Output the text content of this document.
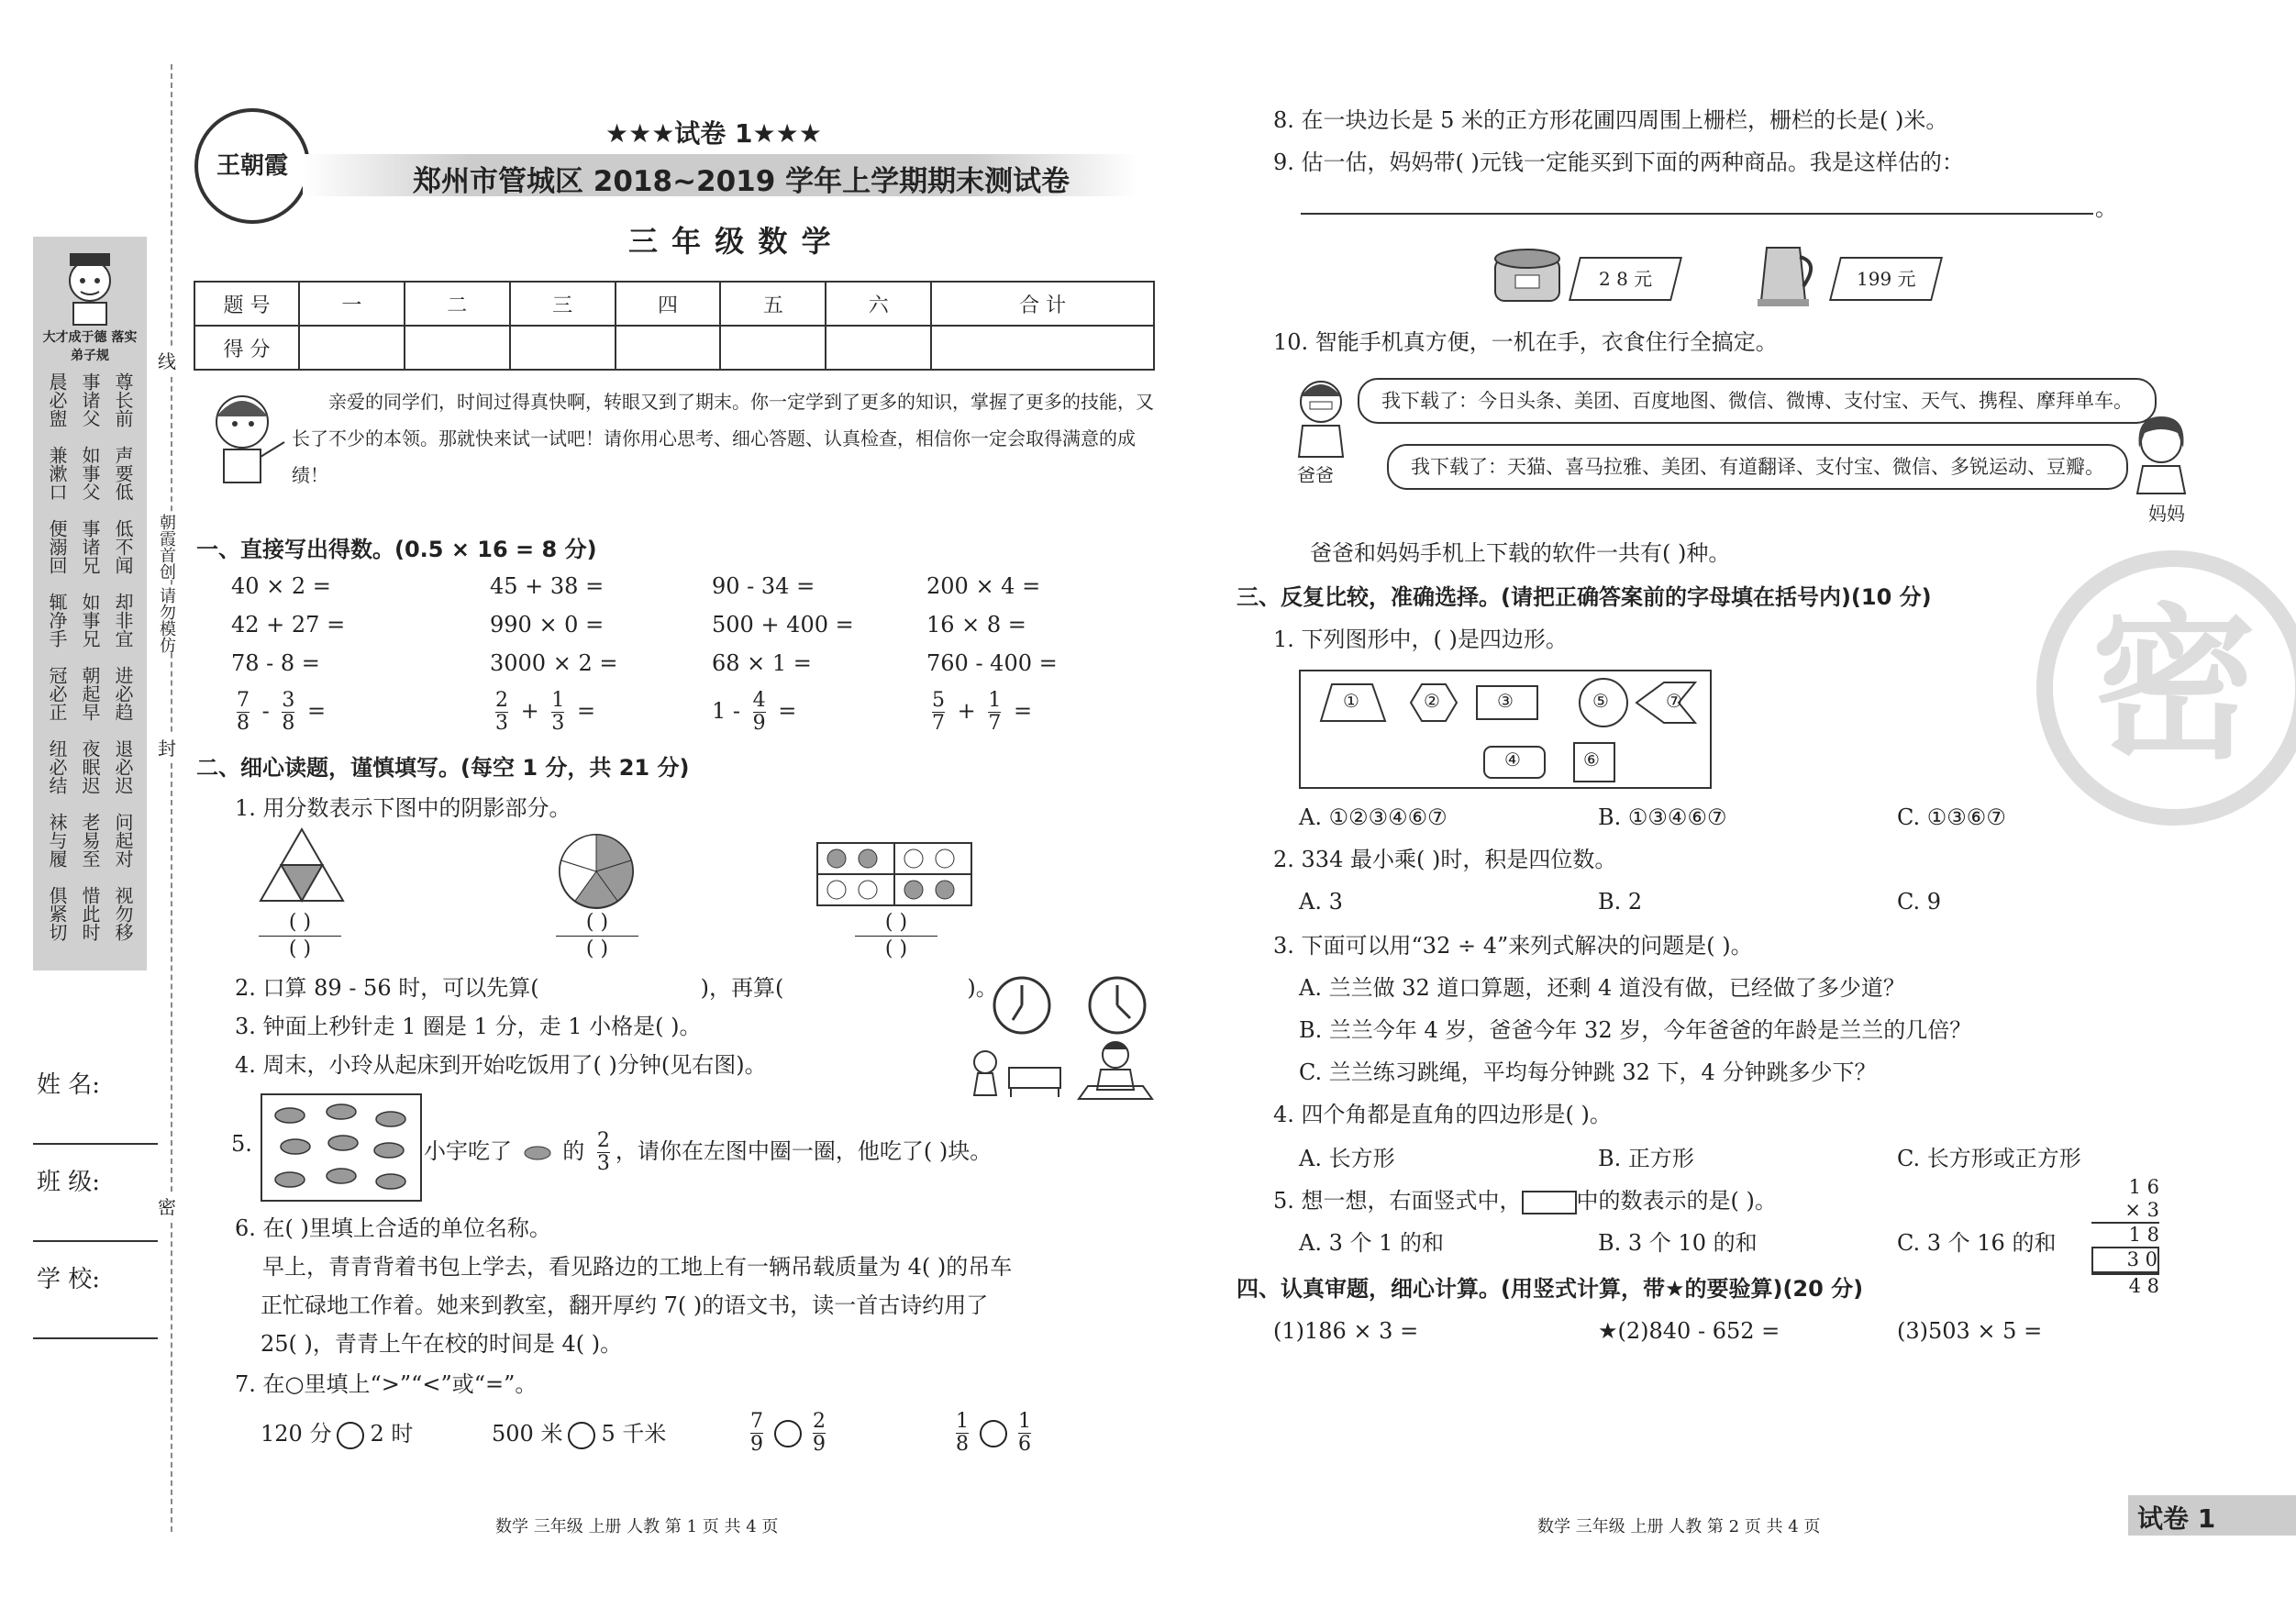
线
封
密
朝霞首创
请勿模仿
大才成于德 落实弟子规
晨必盥 事诸父 尊长前
兼漱口 如事父 声要低
便溺回 事诸兄 低不闻
辄净手 如事兄 却非宜
冠必正 朝起早 进必趋
纽必结 夜眠迟 退必迟
袜与履 老易至 问起对
俱紧切 惜此时 视勿移
姓 名:
班 级:
学 校:
王朝霞
★★★试卷 1★★★
郑州市管城区 2018~2019 学年上学期期末测试卷
三 年 级 数 学
题 号	一	二	三	四	五	六	合 计
得 分							
亲爱的同学们，时间过得真快啊，转眼又到了期末。你一定学到了更多的知识，掌握了更多的技能，又长了不少的本领。那就快来试一试吧！请你用心思考、细心答题、认真检查，相信你一定会取得满意的成绩！
一、直接写出得数。(0.5 × 16 = 8 分)
40 × 2 =	45 + 38 =	90 - 34 =	200 × 4 =
42 + 27 =	990 × 0 =	500 + 400 =	16 × 8 =
78 - 8 =	3000 × 2 =	68 × 1 =	760 - 400 =
$\frac{7}{8} - \frac{3}{8}$ =	$\frac{2}{3} + \frac{1}{3}$ =	$1 - \frac{4}{9}$ =	$\frac{5}{7} + \frac{1}{7}$ =
二、细心读题，谨慎填写。(每空 1 分，共 21 分)
1. 用分数表示下图中的阴影部分。
( )
( )
( )
( )
( )
( )
2. 口算 89 - 56 时，可以先算(	)，再算(	)。
3. 钟面上秒针走 1 圈是 1 分，走 1 小格是( )。
4. 周末，小玲从起床到开始吃饭用了( )分钟(见右图)。
5.	小宇吃了 的 $\frac{2}{3}$ ，请你在左图中圈一圈，他吃了( )块。
6. 在( )里填上合适的单位名称。
早上，青青背着书包上学去，看见路边的工地上有一辆吊载质量为 4( )的吊车
正忙碌地工作着。她来到教室，翻开厚约 7( )的语文书，读一首古诗约用了
25( )，青青上午在校的时间是 4( )。
7. 在○里填上“>”“<”或“=”。
120 分 2 时	500 米 5 千米	$\frac{7}{9} \frac{2}{9}$	$\frac{1}{8} \frac{1}{6}$
8. 在一块边长是 5 米的正方形花圃四周围上栅栏，栅栏的长是( )米。
9. 估一估，妈妈带( )元钱一定能买到下面的两种商品。我是这样估的：
。
2 8 元	199 元
10. 智能手机真方便，一机在手，衣食住行全搞定。
爸爸
我下载了：今日头条、美团、百度地图、微信、微博、支付宝、天气、携程、摩拜单车。
我下载了：天猫、喜马拉雅、美团、有道翻译、支付宝、微信、多锐运动、豆瓣。
妈妈
爸爸和妈妈手机上下载的软件一共有( )种。
三、反复比较，准确选择。(请把正确答案前的字母填在括号内)(10 分)
1. 下列图形中，( )是四边形。
①	②	③	⑤	⑦
④	⑥
A. ①②③④⑥⑦	B. ①③④⑥⑦	C. ①③⑥⑦
2. 334 最小乘( )时，积是四位数。
A. 3	B. 2	C. 9
3. 下面可以用“32 ÷ 4”来列式解决的问题是( )。
A. 兰兰做 32 道口算题，还剩 4 道没有做，已经做了多少道？
B. 兰兰今年 4 岁，爸爸今年 32 岁，今年爸爸的年龄是兰兰的几倍？
C. 兰兰练习跳绳，平均每分钟跳 32 下，4 分钟跳多少下？
4. 四个角都是直角的四边形是( )。
A. 长方形	B. 正方形	C. 长方形或正方形
5. 想一想，右面竖式中，	中的数表示的是( )。
A. 3 个 1 的和	B. 3 个 10 的和	C. 3 个 16 的和
1 6
× 3
1 8
3 0
4 8
四、认真审题，细心计算。(用竖式计算，带★的要验算)(20 分)
(1)186 × 3 =	★(2)840 - 652 =	(3)503 × 5 =
密
数学 三年级 上册 人教 第 1 页 共 4 页	数学 三年级 上册 人教 第 2 页 共 4 页	试卷 1
